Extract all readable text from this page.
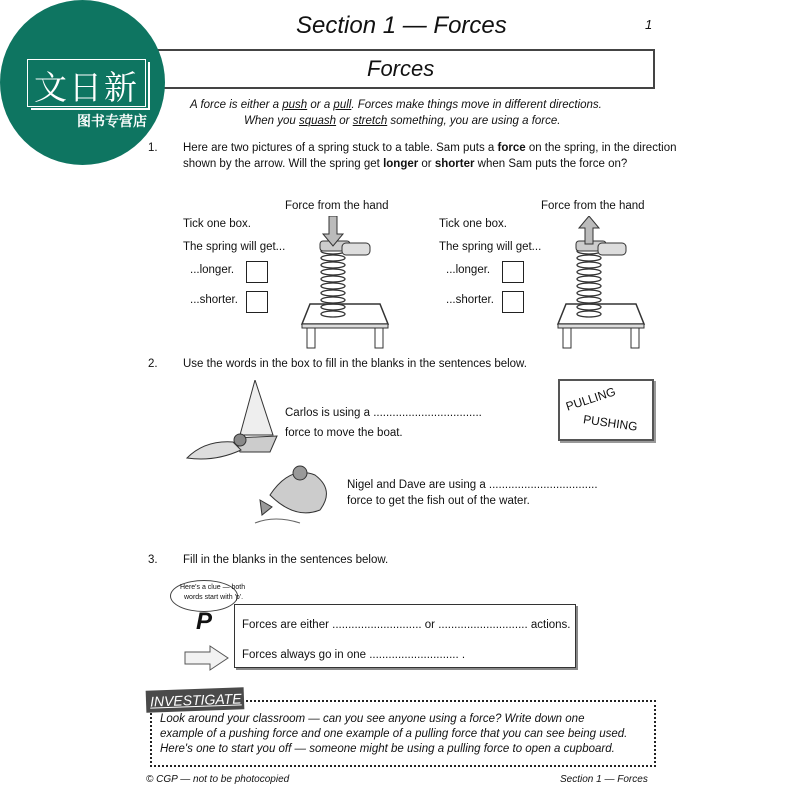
Section 1 — Forces	1
Forces
文日新
图书专营店
A force is either a push or a pull. Forces make things move in different directions.
When you squash or stretch something, you are using a force.
1. Here are two pictures of a spring stuck to a table. Sam puts a force on the spring, in the direction
shown by the arrow. Will the spring get longer or shorter when Sam puts the force on?
Force from the hand
Tick one box.
The spring will get...
...longer.
...shorter.
Force from the hand
Tick one box.
The spring will get...
...longer.
...shorter.
2. Use the words in the box to fill in the blanks in the sentences below.
PULLING
PUSHING
Carlos is using a ..................................
force to move the boat.
Nigel and Dave are using a ..................................
force to get the fish out of the water.
3. Fill in the blanks in the sentences below.
Here's a clue — both
words start with 'p'.
P	Forces are either ............................ or ............................ actions.
Forces always go in one ............................ .
INVESTIGATE
Look around your classroom — can you see anyone using a force? Write down one
example of a pushing force and one example of a pulling force that you can see being used.
Here's one to start you off — someone might be using a pulling force to open a cupboard.
© CGP — not to be photocopied	Section 1 — Forces
